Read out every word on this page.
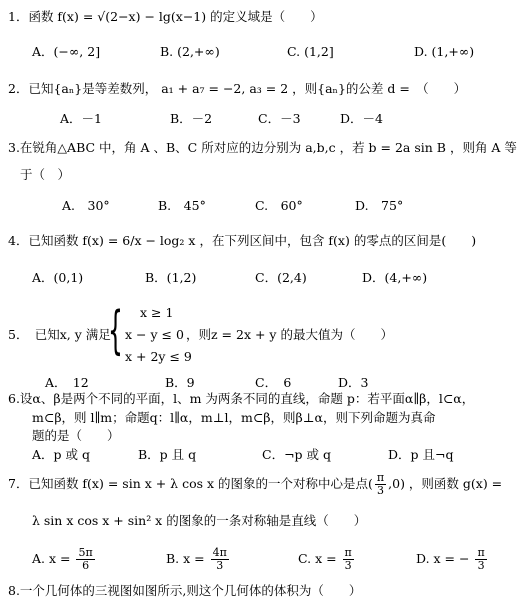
1．函数 f(x) = √(2−x) − lg(x−1) 的定义域是（　　）
A．(−∞, 2]	B. (2,+∞)	C. (1,2]	D. (1,+∞)
2．已知{aₙ}是等差数列， a₁ + a₇ = −2, a₃ = 2 ，则{aₙ}的公差 d =　（　　）
A．－1	B．－2	C．－3	D．－4
3.在锐角△ABC 中，角 A 、B、C 所对应的边分别为 a,b,c ，若 b = 2a sin B ，则角 A 等
于（　）
A.　30°	B.　45°	C.　60°	D.　75°
4．已知函数 f(x) = 6/x − log₂ x ，在下列区间中，包含 f(x) 的零点的区间是(　　)
A．(0,1)	B．(1,2)	C．(2,4)	D．(4,+∞)
5．　已知x, y 满足
{ x ≥ 1
x − y ≤ 0
x + 2y ≤ 9
，则z = 2x + y 的最大值为（　　）
A．　12	B．9	C．　6	D．3
6.设α、β是两个不同的平面，l、m 为两条不同的直线，命题 p：若平面α∥β，l⊂α，
m⊂β，则 l∥m；命题q：l∥α，m⊥l，m⊂β，则β⊥α，则下列命题为真命
题的是（　　）
A．p 或 q	B．p 且 q	C．¬p 或 q	D．p 且¬q
7．已知函数 f(x) = sin x + λ cos x 的图象的一个对称中心是点( $\frac{\pi}{3} ,0$) ，则函数 g(x) =
λ sin x cos x + sin² x 的图象的一条对称轴是直线（　　）
A. $x = \frac{5\pi}{6}$	B. $x = \frac{4\pi}{3}$	C. $x = \frac{\pi}{3}$	D. x = − $\frac{\pi}{3}$
8.一个几何体的三视图如图所示,则这个几何体的体积为（　　）
